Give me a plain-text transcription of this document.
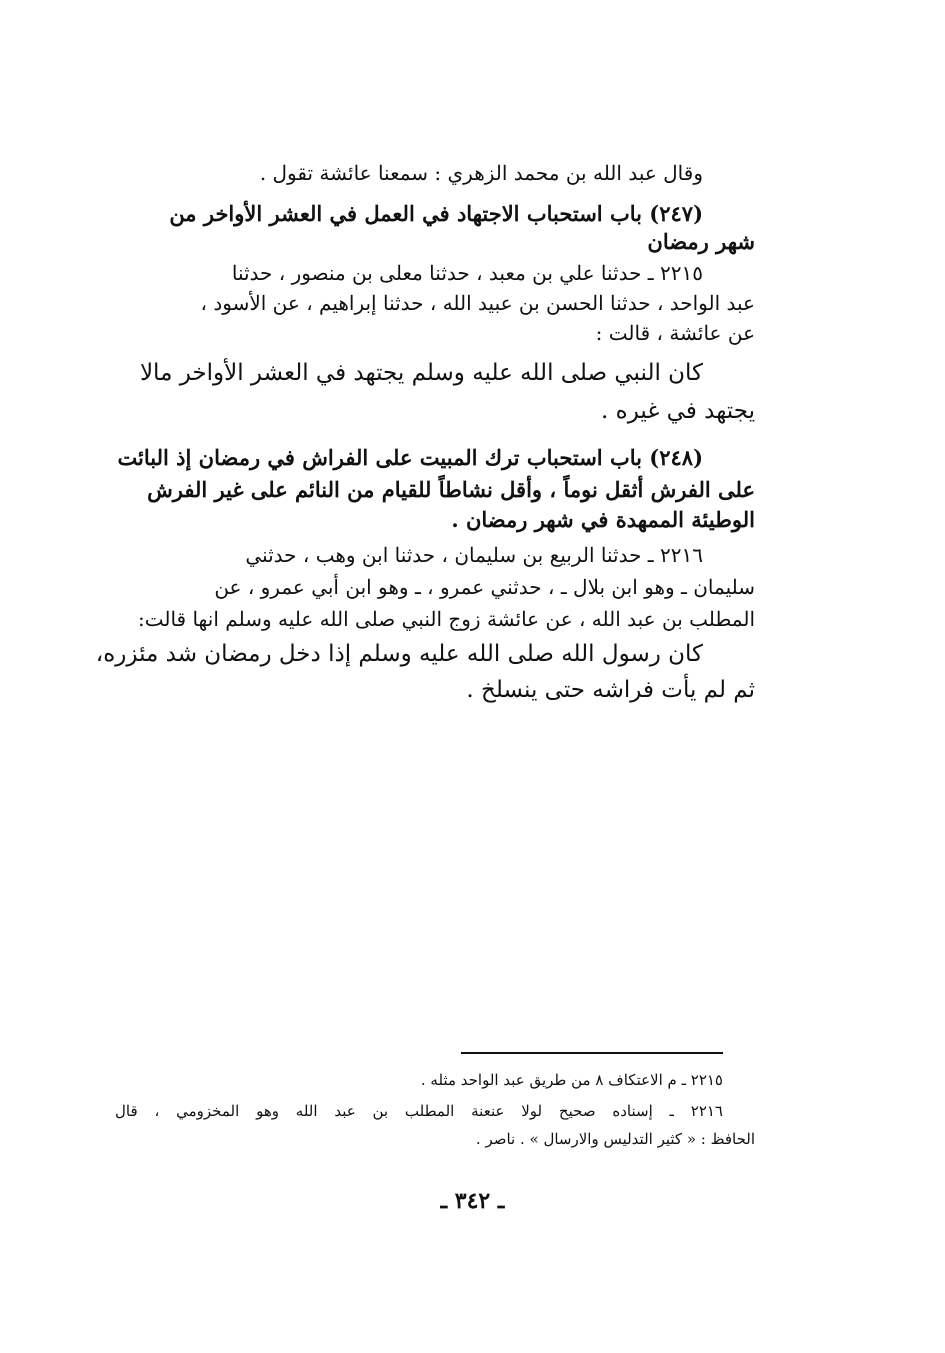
وقال عبد الله بن محمد الزهري : سمعنا عائشة تقول .
(٢٤٧) باب استحباب الاجتهاد في العمل في العشر الأواخر من
شهر رمضان
٢٢١٥ ـ حدثنا علي بن معبد ، حدثنا معلى بن منصور ، حدثنا
عبد الواحد ، حدثنا الحسن بن عبيد الله ، حدثنا إبراهيم ، عن الأسود ،
عن عائشة ، قالت :
كان النبي صلى الله عليه وسلم يجتهد في العشر الأواخر مالا
يجتهد في غيره .
(٢٤٨) باب استحباب ترك المبيت على الفراش في رمضان إذ البائت
على الفرش أثقل نوماً ، وأقل نشاطاً للقيام من النائم على غير الفرش
الوطيئة الممهدة في شهر رمضان .
٢٢١٦ ـ حدثنا الربيع بن سليمان ، حدثنا ابن وهب ، حدثني
سليمان ـ وهو ابن بلال ـ ، حدثني عمرو ، ـ وهو ابن أبي عمرو ، عن
المطلب بن عبد الله ، عن عائشة زوج النبي صلى الله عليه وسلم انها قالت:
كان رسول الله صلى الله عليه وسلم إذا دخل رمضان شد مئزره،
ثم لم يأت فراشه حتى ينسلخ .
٢٢١٥ ـ م الاعتكاف ٨ من طريق عبد الواحد مثله .
٢٢١٦ ـ إسناده صحيح لولا عنعنة المطلب بن عبد الله وهو المخزومي ، قال
الحافظ : « كثير التدليس والارسال » . ناصر .
ـ ٣٤٢ ـ
